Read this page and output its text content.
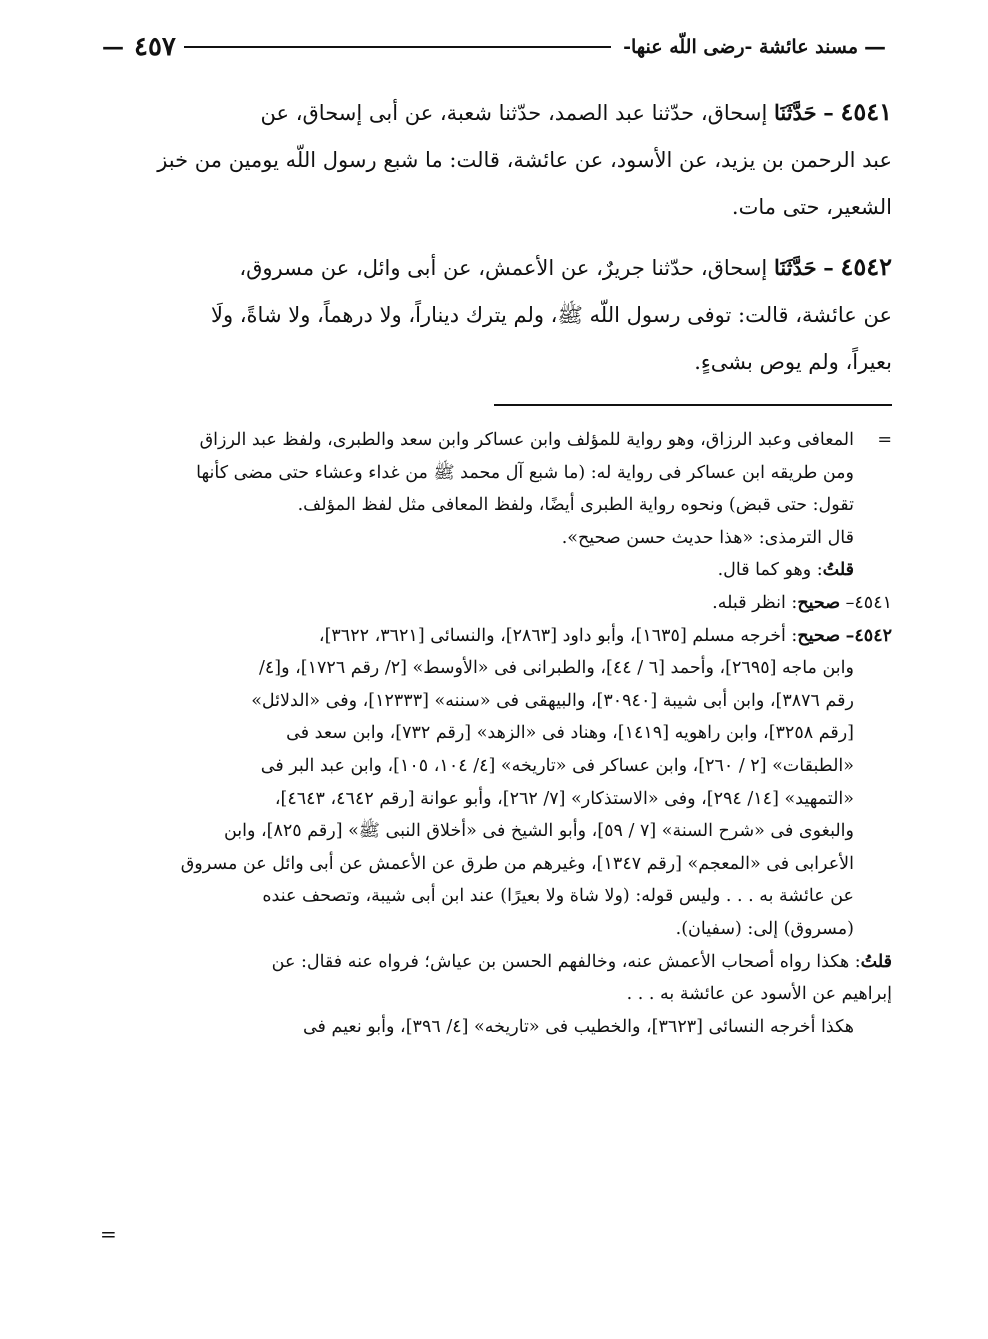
—
مسند عائشة -رضى اللّه عنها-
٤٥٧
—

٤٥٤١ – حَدَّثَنَا إسحاق، حدّثنا عبد الصمد، حدّثنا شعبة، عن أبى إسحاق، عن
عبد الرحمن بن يزيد، عن الأسود، عن عائشة، قالت: ما شبع رسول اللّه يومين من خبز
الشعير، حتى مات.

٤٥٤٢ – حَدَّثَنَا إسحاق، حدّثنا جريرٌ، عن الأعمش، عن أبى وائل، عن مسروق،
عن عائشة، قالت: توفى رسول اللّه ﷺ، ولم يترك ديناراً، ولا درهماً، ولا شاةً، ولَا
بعيراً، ولم يوص بشىءٍ.

=المعافى وعبد الرزاق، وهو رواية للمؤلف وابن عساكر وابن سعد والطبرى، ولفظ عبد الرزاق
ومن طريقه ابن عساكر فى رواية له: (ما شبع آل محمد ﷺ من غداء وعشاء حتى مضى كأنها
تقول: حتى قبض) ونحوه رواية الطبرى أيضًا، ولفظ المعافى مثل لفظ المؤلف.
قال الترمذى: «هذا حديث حسن صحيح».
قلتُ: وهو كما قال.
٤٥٤١– صحيح: انظر قبله.
٤٥٤٢– صحيح: أخرجه مسلم [١٦٣٥]، وأبو داود [٢٨٦٣]، والنسائى [٣٦٢١، ٣٦٢٢]،
وابن ماجه [٢٦٩٥]، وأحمد [٦ / ٤٤]، والطبرانى فى «الأوسط» [٢/ رقم ١٧٢٦]، و[٤/
رقم ٣٨٧٦]، وابن أبى شيبة [٣٠٩٤٠]، والبيهقى فى «سننه» [١٢٣٣٣]، وفى «الدلائل»
[رقم ٣٢٥٨]، وابن راهويه [١٤١٩]، وهناد فى «الزهد» [رقم ٧٣٢]، وابن سعد فى
«الطبقات» [٢ / ٢٦٠]، وابن عساكر فى «تاريخه» [٤/ ١٠٤، ١٠٥]، وابن عبد البر فى
«التمهيد» [١٤/ ٢٩٤]، وفى «الاستذكار» [٧/ ٢٦٢]، وأبو عوانة [رقم ٤٦٤٢، ٤٦٤٣]،
والبغوى فى «شرح السنة» [٧ / ٥٩]، وأبو الشيخ فى «أخلاق النبى ﷺ» [رقم ٨٢٥]، وابن
الأعرابى فى «المعجم» [رقم ١٣٤٧]، وغيرهم من طرق عن الأعمش عن أبى وائل عن مسروق
عن عائشة به . . . وليس قوله: (ولا شاة ولا بعيرًا) عند ابن أبى شيبة، وتصحف عنده
(مسروق) إلى: (سفيان).
قلتُ: هكذا رواه أصحاب الأعمش عنه، وخالفهم الحسن بن عياش؛ فرواه عنه فقال: عن
إبراهيم عن الأسود عن عائشة به . . .
هكذا أخرجه النسائى [٣٦٢٣]، والخطيب فى «تاريخه» [٤/ ٣٩٦]، وأبو نعيم فى
=
